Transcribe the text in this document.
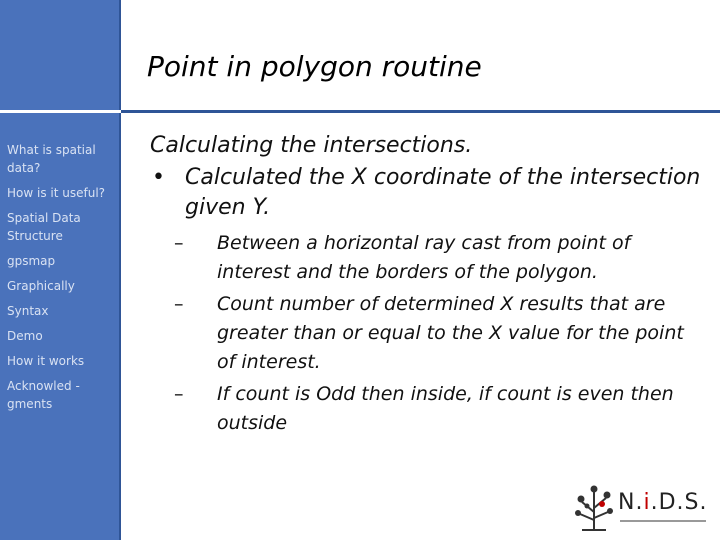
What is spatial data?
How is it useful?
Spatial Data Structure
gpsmap
Graphically
Syntax
Demo
How it works
Acknowled - gments
Point in polygon routine
Calculating the intersections.
• Calculated the X coordinate of the intersection given Y.
– Between a horizontal ray cast from point of interest and the borders of the polygon.
– Count number of determined X results that are greater than or equal to the X value for the point of interest.
– If count is Odd then inside, if count is even then outside
N.i.D.S.
